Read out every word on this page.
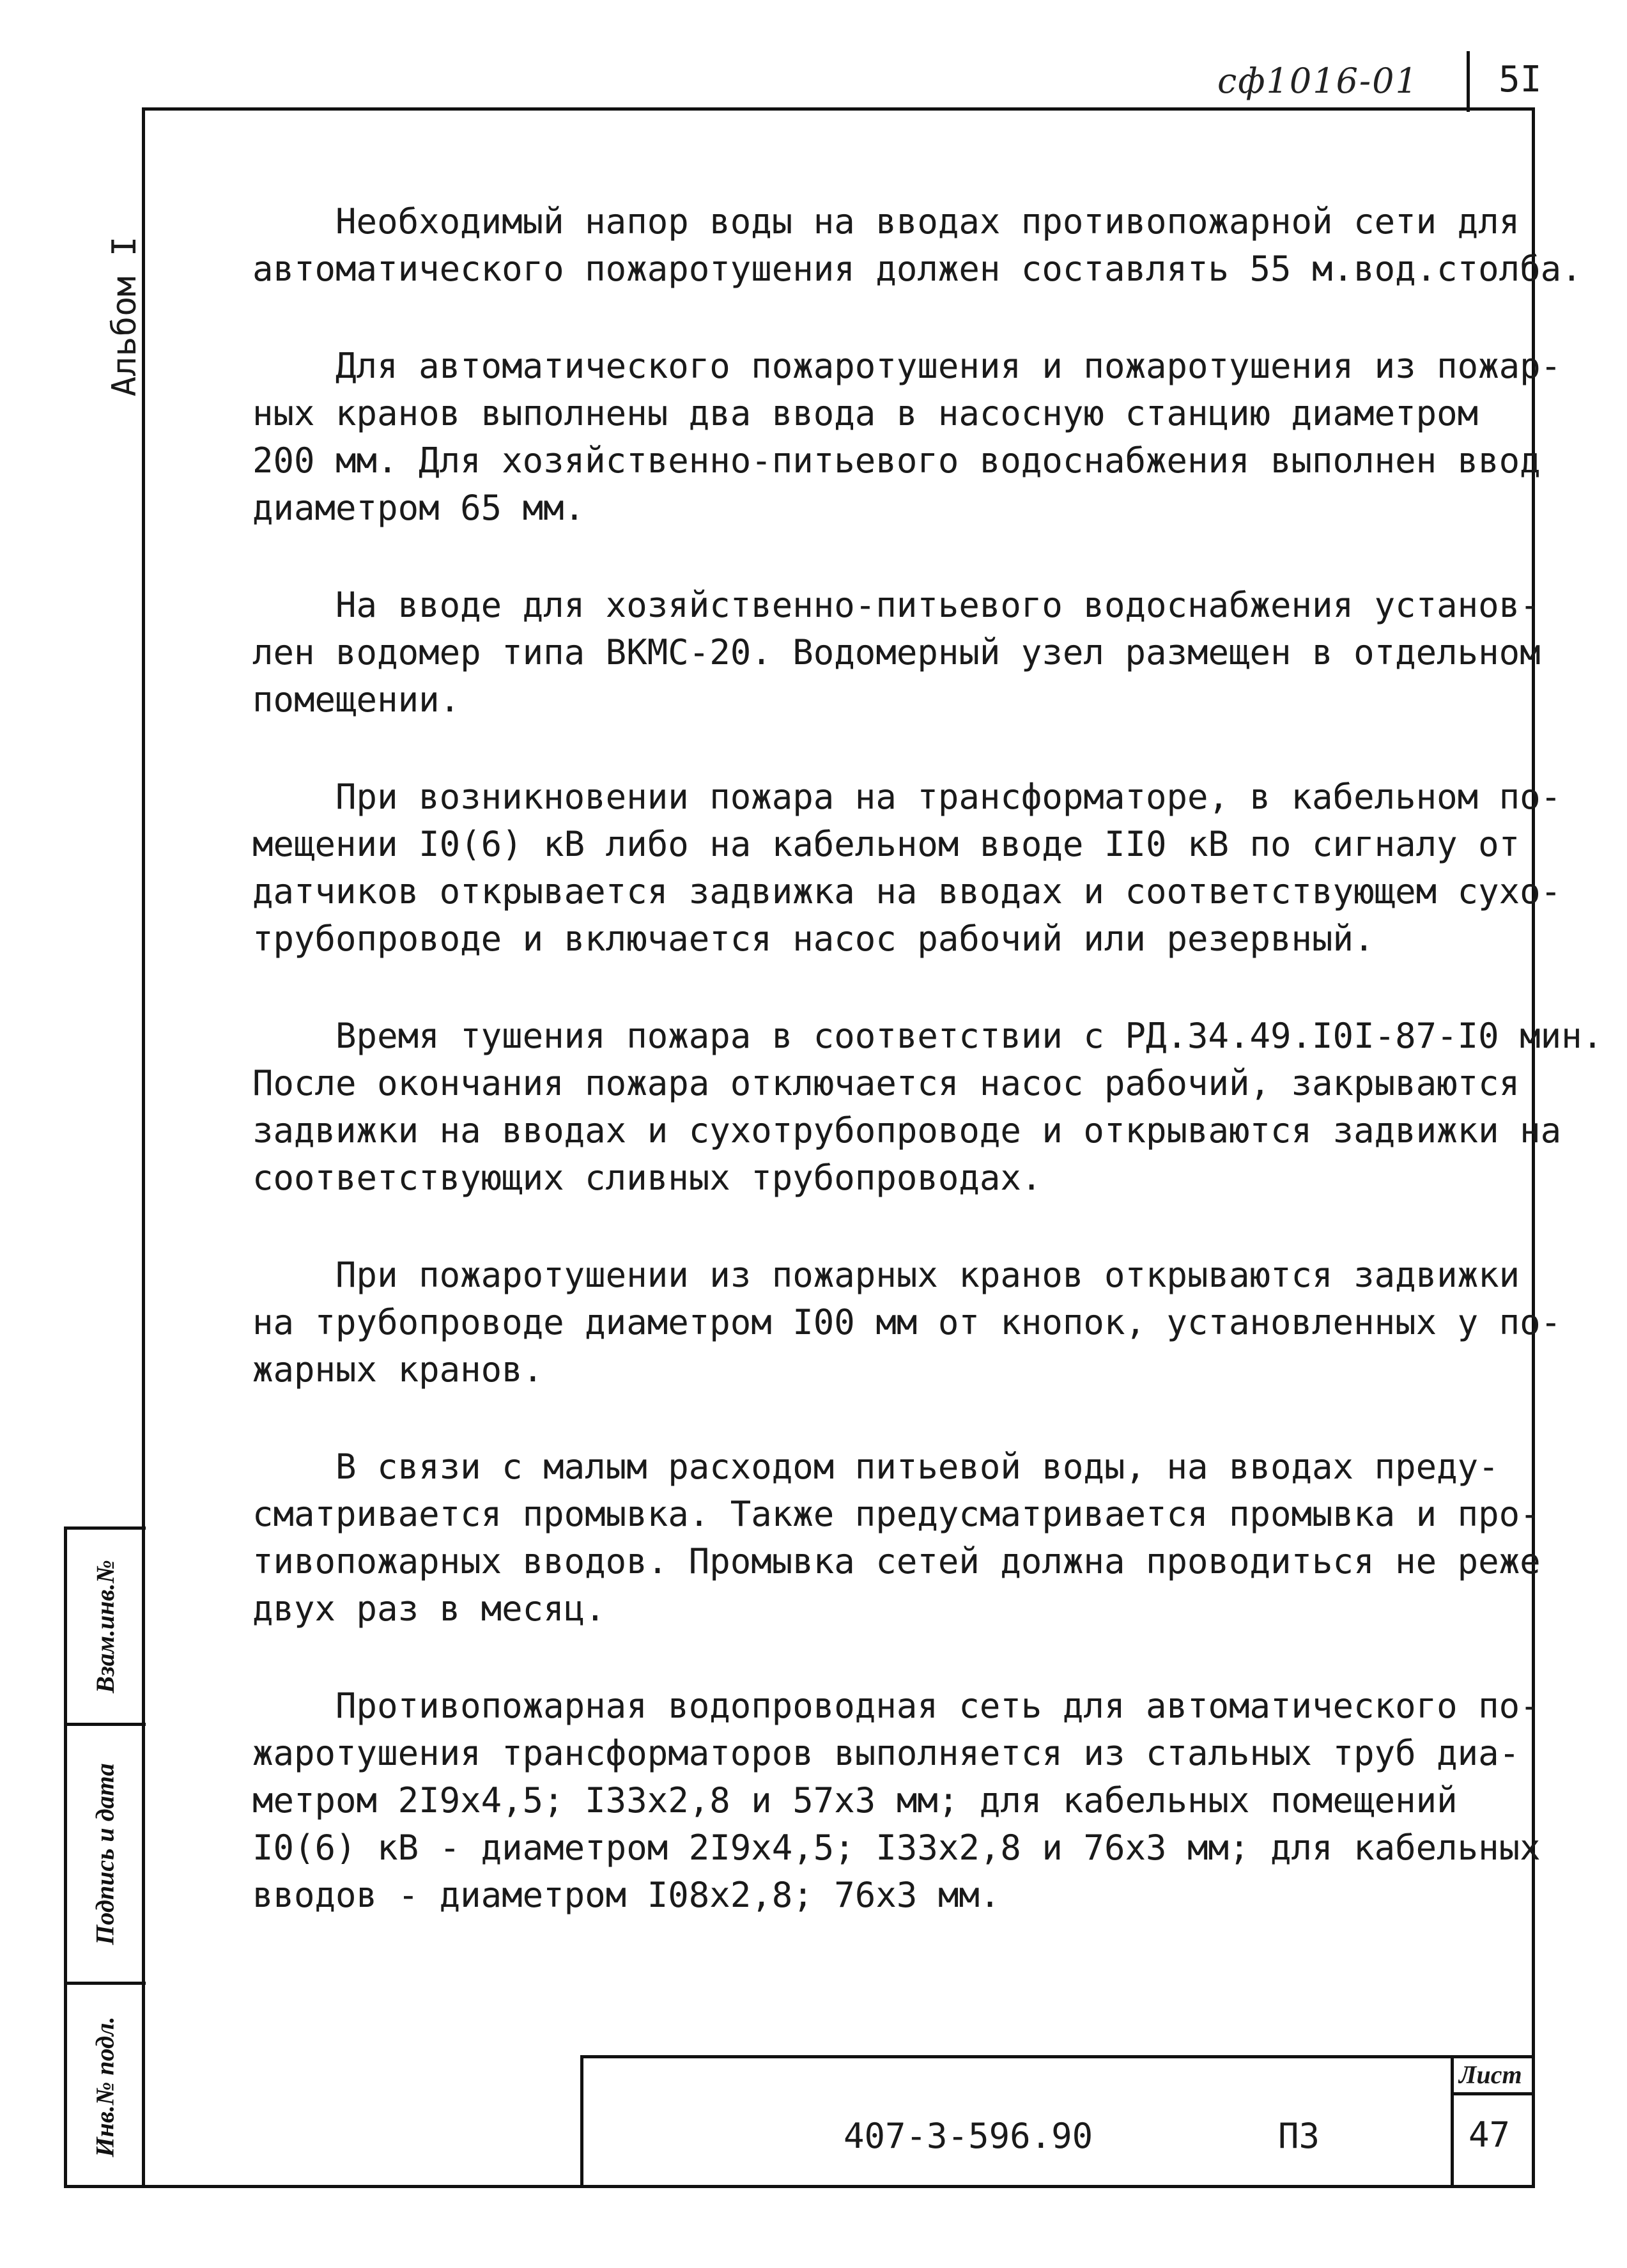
сф1016-01 5I
Альбом I
Необходимый напор воды на вводах противопожарной сети для
автоматического пожаротушения должен составлять 55 м.вод.столба.
Для автоматического пожаротушения и пожаротушения из пожар-
ных кранов выполнены два ввода в насосную станцию диаметром
200 мм. Для хозяйственно-питьевого водоснабжения выполнен ввод
диаметром 65 мм.
На вводе для хозяйственно-питьевого водоснабжения установ-
лен водомер типа ВКМС-20. Водомерный узел размещен в отдельном
помещении.
При возникновении пожара на трансформаторе, в кабельном по-
мещении I0(6) кВ либо на кабельном вводе II0 кВ по сигналу от
датчиков открывается задвижка на вводах и соответствующем сухо-
трубопроводе и включается насос рабочий или резервный.
Время тушения пожара в соответствии с РД.34.49.I0I-87-I0 мин.
После окончания пожара отключается насос рабочий, закрываются
задвижки на вводах и сухотрубопроводе и открываются задвижки на
соответствующих сливных трубопроводах.
При пожаротушении из пожарных кранов открываются задвижки
на трубопроводе диаметром I00 мм от кнопок, установленных у по-
жарных кранов.
В связи с малым расходом питьевой воды, на вводах преду-
сматривается промывка. Также предусматривается промывка и про-
тивопожарных вводов. Промывка сетей должна проводиться не реже
двух раз в месяц.
Противопожарная водопроводная сеть для автоматического по-
жаротушения трансформаторов выполняется из стальных труб диа-
метром 2I9x4,5; I33x2,8 и 57x3 мм; для кабельных помещений
I0(6) кВ - диаметром 2I9x4,5; I33x2,8 и 76x3 мм; для кабельных
вводов - диаметром I08x2,8; 76x3 мм.
Взам.инв.№
Подпись и дата
Инв.№ подл.	407-3-596.90	ПЗ
Лист
47
